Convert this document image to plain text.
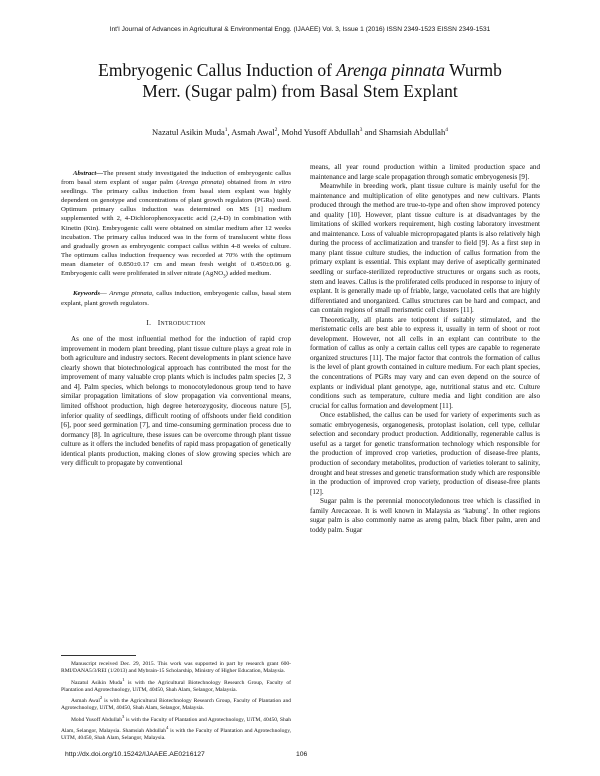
Int'l Journal of Advances in Agricultural & Environmental Engg. (IJAAEE) Vol. 3, Issue 1 (2016) ISSN 2349-1523 EISSN 2349-1531
Embryogenic Callus Induction of Arenga pinnata Wurmb
Merr. (Sugar palm) from Basal Stem Explant
Nazatul Asikin Muda$^1$, Asmah Awal$^2$, Mohd Yusoff Abdullah$^3$ and Shamsiah Abdullah$^4$

Abstract—The present study investigated the induction of embryogenic callus from basal stem explant of sugar palm (Arenga pinnata) obtained from in vitro seedlings. The primary callus induction from basal stem explant was highly dependent on genotype and concentrations of plant growth regulators (PGRs) used. Optimum primary callus induction was determined on MS [1] medium supplemented with 2, 4-Dichlorophenoxyacetic acid (2,4-D) in combination with Kinetin (Kin). Embryogenic calli were obtained on similar medium after 12 weeks incubation. The primary callus induced was in the form of translucent white floss and gradually grown as embryogenic compact callus within 4-8 weeks of culture. The optimum callus induction frequency was recorded at 70% with the optimum mean diameter of 0.850±0.17 cm and mean fresh weight of 0.450±0.06 g. Embryogenic calli were proliferated in silver nitrate (AgNO$_3$) added medium.

Keywords— Arenga pinnata, callus induction, embryogenic callus, basal stem explant, plant growth regulators.

I. INTRODUCTION

As one of the most influential method for the induction of rapid crop improvement in modern plant breeding, plant tissue culture plays a great role in both agriculture and industry sectors. Recent developments in plant science have clearly shown that biotechnological approach has contributed the most for the improvement of many valuable crop plants which is includes palm species [2, 3 and 4]. Palm species, which belongs to monocotyledonous group tend to have similar propagation limitations of slow propagation via conventional means, limited offshoot production, high degree heterozygosity, dioceous nature [5], inferior quality of seedlings, difficult rooting of offshoots under field condition [6], poor seed germination [7], and time-consuming germination process due to dormancy [8]. In agriculture, these issues can be overcome through plant tissue culture as it offers the included benefits of rapid mass propagation of genetically identical plants production, making clones of slow growing species which are very difficult to propagate by conventional

Manuscript received Dec. 29, 2015. This work was supported in part by research grant 600-RMI/DANA5/3/REI (1/2013) and Mybrain-15 Scholarship, Ministry of Higher Education, Malaysia.

Nazatul Asikin Muda$^1$ is with the Agricultural Biotechnology Research Group, Faculty of Plantation and Agrotechnology, UiTM, 40450, Shah Alam, Selangor, Malaysia.

Asmah Awal$^2$ is with the Agricultural Biotechnology Research Group, Faculty of Plantation and Agrotechnology, UiTM, 40450, Shah Alam, Selangor, Malaysia.

Mohd Yusoff Abdullah$^3$ is with the Faculty of Plantation and Agrotechnology, UiTM, 40450, Shah Alam, Selangor, Malaysia. Shamsiah Abdullah$^4$ is with the Faculty of Plantation and Agrotechnology, UiTM, 40450, Shah Alam, Selangor, Malaysia.

means, all year round production within a limited production space and maintenance and large scale propagation through somatic embryogenesis [9].

Meanwhile in breeding work, plant tissue culture is mainly useful for the maintenance and multiplication of elite genotypes and new cultivars. Plants produced through the method are true-to-type and often show improved potency and quality [10]. However, plant tissue culture is at disadvantages by the limitations of skilled workers requirement, high costing laboratory investment and maintenance. Loss of valuable micropropagated plants is also relatively high during the process of acclimatization and transfer to field [9]. As a first step in many plant tissue culture studies, the induction of callus formation from the primary explant is essential. This explant may derive of aseptically germinated seedling or surface-sterilized reproductive structures or organs such as roots, stem and leaves. Callus is the proliferated cells produced in response to injury of explant. It is generally made up of friable, large, vacuolated cells that are highly differentiated and unorganized. Callus structures can be hard and compact, and can contain regions of small merismetic cell clusters [11].

Theoretically, all plants are totipotent if suitably stimulated, and the meristematic cells are best able to express it, usually in term of shoot or root development. However, not all cells in an explant can contribute to the formation of callus as only a certain callus cell types are capable to regenerate organized structures [11]. The major factor that controls the formation of callus is the level of plant growth contained in culture medium. For each plant species, the concentrations of PGRs may vary and can even depend on the source of explants or individual plant genotype, age, nutritional status and etc. Culture conditions such as temperature, culture media and light condition are also crucial for callus formation and development [11].

Once established, the callus can be used for variety of experiments such as somatic embryogenesis, organogenesis, protoplast isolation, cell type, cellular selection and secondary product production. Additionally, regenerable callus is useful as a target for genetic transformation technology which responsible for the production of improved crop varieties, production of disease-free plants, production of secondary metabolites, production of varieties tolerant to salinity, drought and heat stresses and genetic transformation study which are responsible in the production of improved crop variety, production of disease-free plants [12].

Sugar palm is the perennial monocotyledonous tree which is classified in family Arecaceae. It is well known in Malaysia as ‘kabung’. In other regions sugar palm is also commonly name as areng palm, black fiber palm, aren and toddy palm. Sugar

http://dx.doi.org/10.15242/IJAAEE.AE0216127	106
